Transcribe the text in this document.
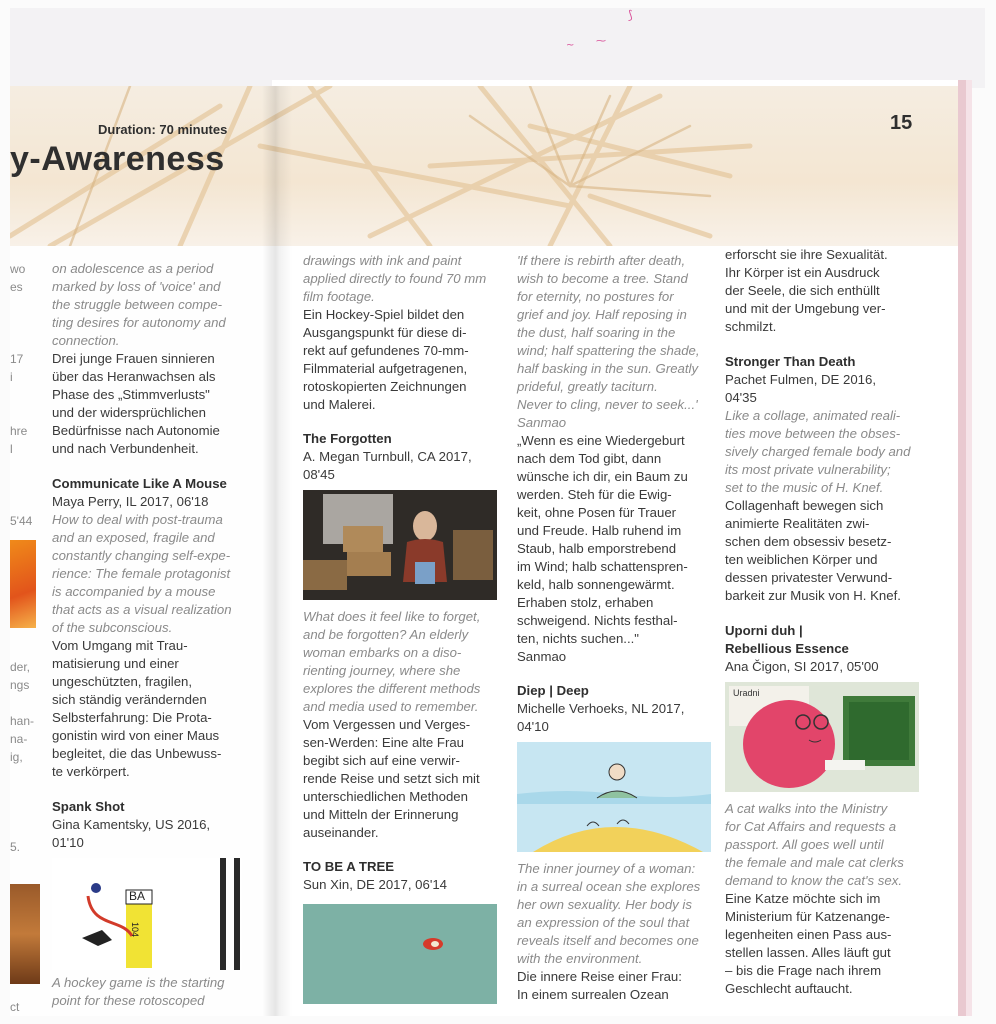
⟆
~ ⁓
Duration: 70 minutes
y-Awareness
15
wo
es
17
i
hre
l
5'44
der,
ngs
han-
na-
ig,
5.
ct
on adolescence as a period
marked by loss of 'voice' and
the struggle between compe-
ting desires for autonomy and
connection.
Drei junge Frauen sinnieren
über das Heranwachsen als
Phase des „Stimmverlusts"
und der widersprüchlichen
Bedürfnisse nach Autonomie
und nach Verbundenheit.
Communicate Like A Mouse
Maya Perry, IL 2017, 06'18
How to deal with post-trauma
and an exposed, fragile and
constantly changing self-expe-
rience: The female protagonist
is accompanied by a mouse
that acts as a visual realization
of the subconscious.
Vom Umgang mit Trau-
matisierung und einer
ungeschützten, fragilen,
sich ständig verändernden
Selbsterfahrung: Die Prota-
gonistin wird von einer Maus
begleitet, die das Unbewuss-
te verkörpert.
Spank Shot
Gina Kamentsky, US 2016,
01'10
104
BA
A hockey game is the starting
point for these rotoscoped
drawings with ink and paint
applied directly to found 70 mm
film footage.
Ein Hockey-Spiel bildet den
Ausgangspunkt für diese di-
rekt auf gefundenes 70-mm-
Filmmaterial aufgetragenen,
rotoskopierten Zeichnungen
und Malerei.
The Forgotten
A. Megan Turnbull, CA 2017,
08'45
What does it feel like to forget,
and be forgotten? An elderly
woman embarks on a diso-
rienting journey, where she
explores the different methods
and media used to remember.
Vom Vergessen und Verges-
sen-Werden: Eine alte Frau
begibt sich auf eine verwir-
rende Reise und setzt sich mit
unterschiedlichen Methoden
und Mitteln der Erinnerung
auseinander.
TO BE A TREE
Sun Xin, DE 2017, 06'14
'If there is rebirth after death,
wish to become a tree. Stand
for eternity, no postures for
grief and joy. Half reposing in
the dust, half soaring in the
wind; half spattering the shade,
half basking in the sun. Greatly
prideful, greatly taciturn.
Never to cling, never to seek...'
Sanmao
„Wenn es eine Wiedergeburt
nach dem Tod gibt, dann
wünsche ich dir, ein Baum zu
werden. Steh für die Ewig-
keit, ohne Posen für Trauer
und Freude. Halb ruhend im
Staub, halb emporstrebend
im Wind; halb schattenspren-
keld, halb sonnengewärmt.
Erhaben stolz, erhaben
schweigend. Nichts festhal-
ten, nichts suchen..."
Sanmao
Diep | Deep
Michelle Verhoeks, NL 2017,
04'10
The inner journey of a woman:
in a surreal ocean she explores
her own sexuality. Her body is
an expression of the soul that
reveals itself and becomes one
with the environment.
Die innere Reise einer Frau:
In einem surrealen Ozean
erforscht sie ihre Sexualität.
Ihr Körper ist ein Ausdruck
der Seele, die sich enthüllt
und mit der Umgebung ver-
schmilzt.
Stronger Than Death
Pachet Fulmen, DE 2016,
04'35
Like a collage, animated reali-
ties move between the obses-
sively charged female body and
its most private vulnerability;
set to the music of H. Knef.
Collagenhaft bewegen sich
animierte Realitäten zwi-
schen dem obsessiv besetz-
ten weiblichen Körper und
dessen privatester Verwund-
barkeit zur Musik von H. Knef.
Uporni duh |
Rebellious Essence
Ana Čigon, SI 2017, 05'00
Uradni
A cat walks into the Ministry
for Cat Affairs and requests a
passport. All goes well until
the female and male cat clerks
demand to know the cat's sex.
Eine Katze möchte sich im
Ministerium für Katzenange-
legenheiten einen Pass aus-
stellen lassen. Alles läuft gut
– bis die Frage nach ihrem
Geschlecht auftaucht.
